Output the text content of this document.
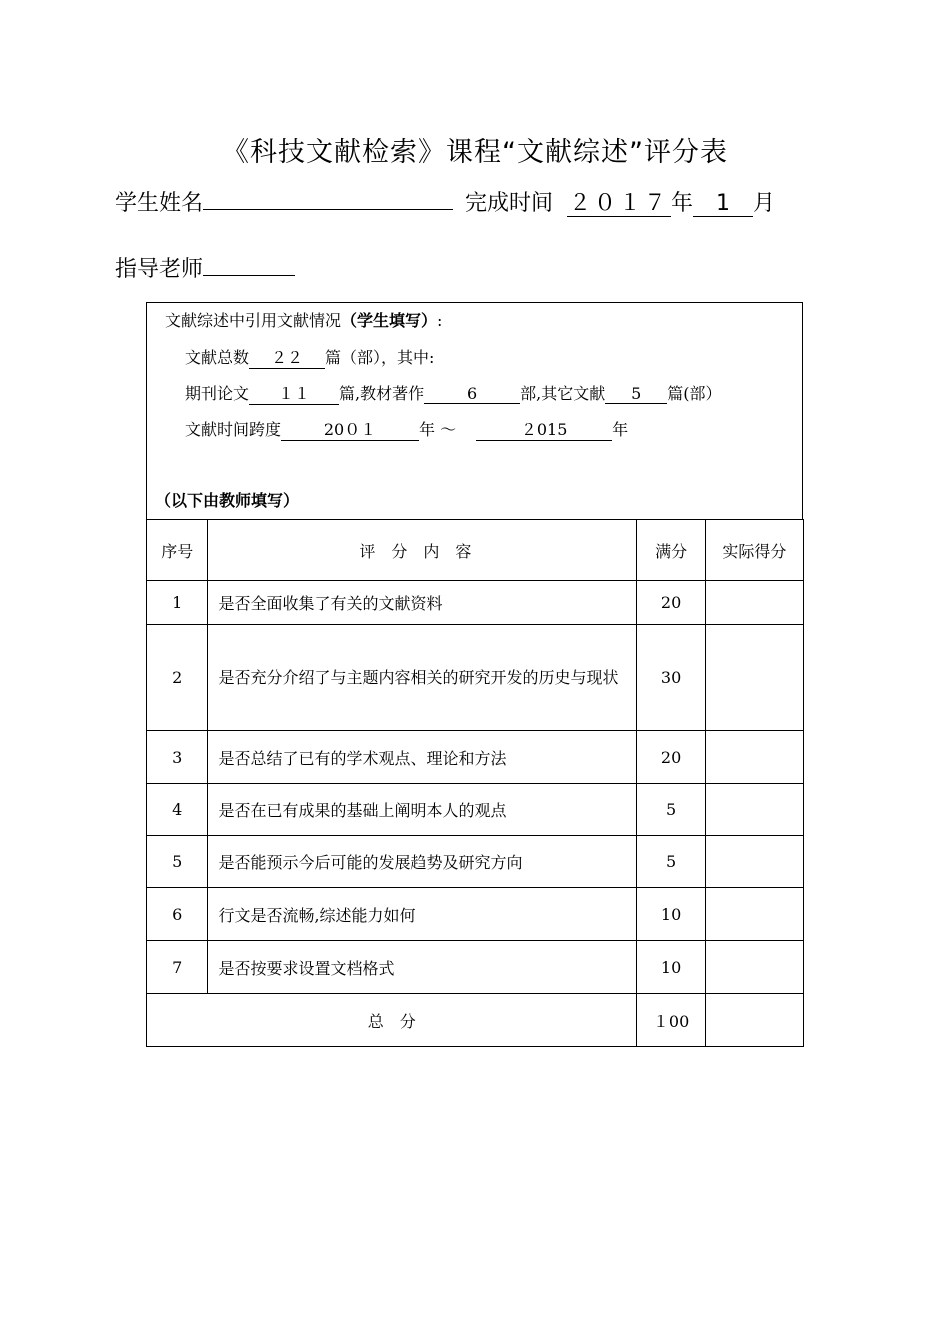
《科技文献检索》课程“文献综述”评分表
学生姓名	完成时间 ２０１７年 1 月
指导老师
文献综述中引用文献情况（学生填写）:
文献总数 ２２ 篇（部），其中:
期刊论文 １１ 篇,教材著作	6	部,其它文献 5 篇(部）
文献时间跨度	20０１	年 ～	２015	年
（以下由教师填写）
序号	评分内容	满分	实际得分
1	是否全面收集了有关的文献资料	20	
2	是否充分介绍了与主题内容相关的研究开发的历史与现状	30	
3	是否总结了已有的学术观点、理论和方法	20	
4	是否在已有成果的基础上阐明本人的观点	5	
5	是否能预示今后可能的发展趋势及研究方向	5	
6	行文是否流畅,综述能力如何	10	
7	是否按要求设置文档格式	10	
总　分		１00	
